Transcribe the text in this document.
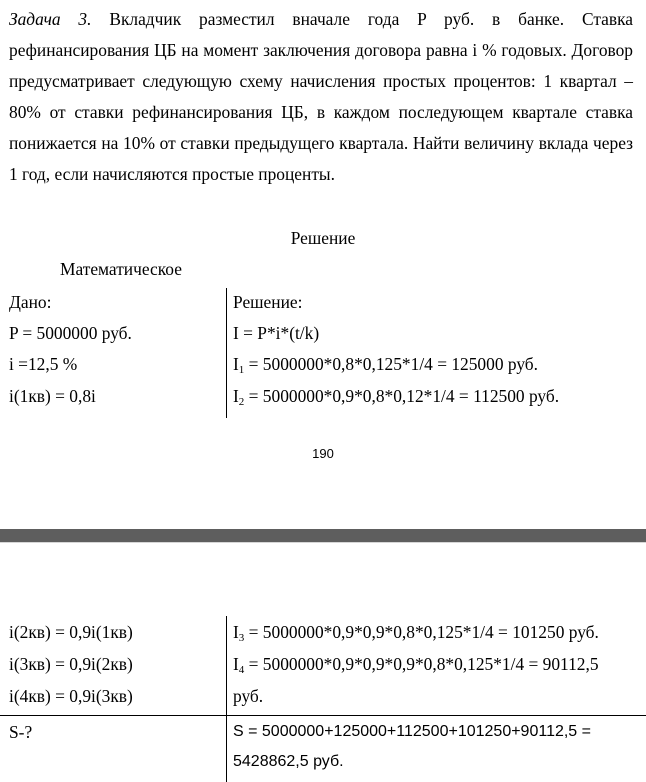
Задача 3. Вкладчик разместил вначале года P руб. в банке. Ставка рефинансирования ЦБ на момент заключения договора равна i % годовых. Договор предусматривает следующую схему начисления простых процентов: 1 квартал – 80% от ставки рефинансирования ЦБ, в каждом последующем квартале ставка понижается на 10% от ставки предыдущего квартала. Найти величину вклада через 1 год, если начисляются простые проценты.
Решение
Математическое
Дано:	Решение:
P = 5000000 руб.
i =12,5 %
i(1кв) = 0,8i
I = P*i*(t/k)
$I_1 = 5000000*0,8*0,125*1/4 = 125000$ руб.
$I_2 = 5000000*0,9*0,8*0,12*1/4 = 112500$ руб.
190
i(2кв) = 0,9i(1кв)
i(3кв) = 0,9i(2кв)
i(4кв) = 0,9i(3кв)
S-?
$I_3 = 5000000*0,9*0,9*0,8*0,125*1/4 = 101250$ руб.
$I_4 = 5000000*0,9*0,9*0,9*0,8*0,125*1/4 = 90112,5$
руб.
S = 5000000+125000+112500+101250+90112,5 =
5428862,5 руб.
